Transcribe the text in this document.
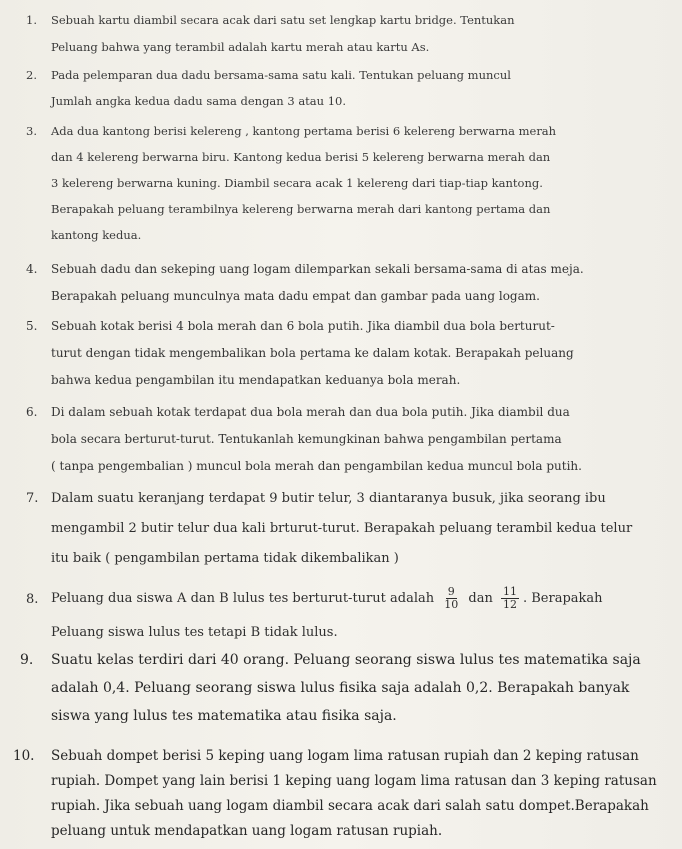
1. Sebuah kartu diambil secara acak dari satu set lengkap kartu bridge. Tentukan
Peluang bahwa yang terambil adalah kartu merah atau kartu As.
2. Pada pelemparan dua dadu bersama-sama satu kali. Tentukan peluang muncul
Jumlah angka kedua dadu sama dengan 3 atau 10.
3. Ada dua kantong berisi kelereng , kantong pertama berisi 6 kelereng berwarna merah
dan 4 kelereng berwarna biru. Kantong kedua berisi 5 kelereng berwarna merah dan
3 kelereng berwarna kuning. Diambil secara acak 1 kelereng dari tiap-tiap kantong.
Berapakah peluang terambilnya kelereng berwarna merah dari kantong pertama dan
kantong kedua.
4. Sebuah dadu dan sekeping uang logam dilemparkan sekali bersama-sama di atas meja.
Berapakah peluang munculnya mata dadu empat dan gambar pada uang logam.
5. Sebuah kotak berisi 4 bola merah dan 6 bola putih. Jika diambil dua bola berturut-
turut dengan tidak mengembalikan bola pertama ke dalam kotak. Berapakah peluang
bahwa kedua pengambilan itu mendapatkan keduanya bola merah.
6. Di dalam sebuah kotak terdapat dua bola merah dan dua bola putih. Jika diambil dua
bola secara berturut-turut. Tentukanlah kemungkinan bahwa pengambilan pertama
( tanpa pengembalian ) muncul bola merah dan pengambilan kedua muncul bola putih.
7. Dalam suatu keranjang terdapat 9 butir telur, 3 diantaranya busuk, jika seorang ibu
mengambil 2 butir telur dua kali brturut-turut. Berapakah peluang terambil kedua telur
itu baik ( pengambilan pertama tidak dikembalikan )
8. Peluang dua siswa A dan B lulus tes berturut-turut adalah $\frac{9}{10}$ dan $\frac{11}{12}$ . Berapakah
Peluang siswa lulus tes tetapi B tidak lulus.
9. Suatu kelas terdiri dari 40 orang. Peluang seorang siswa lulus tes matematika saja
adalah 0,4. Peluang seorang siswa lulus fisika saja adalah 0,2. Berapakah banyak
siswa yang lulus tes matematika atau fisika saja.
10. Sebuah dompet berisi 5 keping uang logam lima ratusan rupiah dan 2 keping ratusan
rupiah. Dompet yang lain berisi 1 keping uang logam lima ratusan dan 3 keping ratusan
rupiah. Jika sebuah uang logam diambil secara acak dari salah satu dompet.Berapakah
peluang untuk mendapatkan uang logam ratusan rupiah.
